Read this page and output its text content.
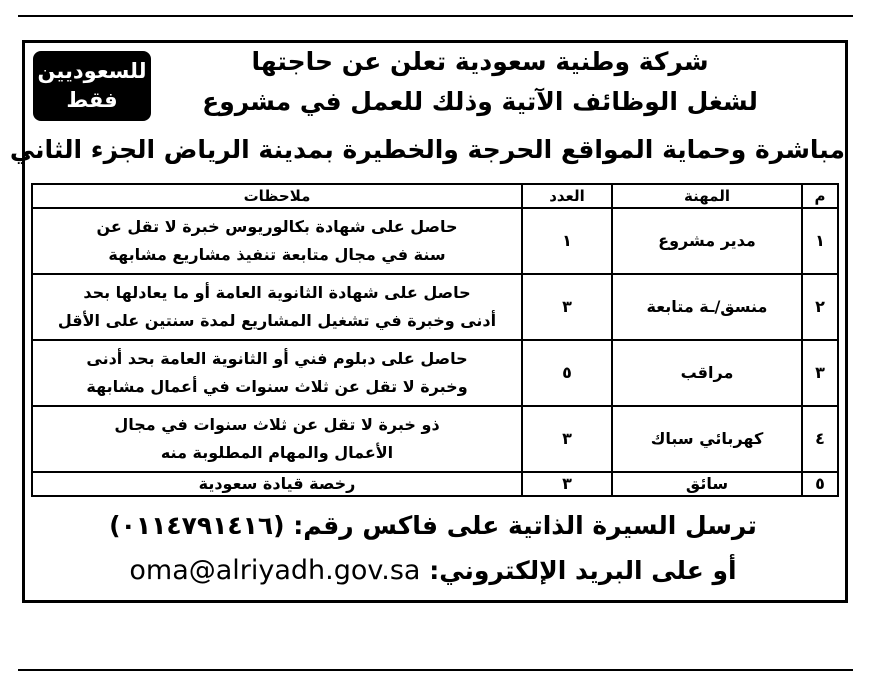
للسعوديين
فقط
شركة وطنية سعودية تعلن عن حاجتها
لشغل الوظائف الآتية وذلك للعمل في مشروع
مباشرة وحماية المواقع الحرجة والخطيرة بمدينة الرياض الجزء الثاني
م	المهنة	العدد	ملاحظات
١	مدير مشروع	١	حاصل على شهادة بكالوريوس خبرة لا تقل عن
سنة في مجال متابعة تنفيذ مشاريع مشابهة

٢	منسق/ـة متابعة	٣	حاصل على شهادة الثانوية العامة أو ما يعادلها بحد
أدنى وخبرة في تشغيل المشاريع لمدة سنتين على الأقل

٣	مراقب	٥	حاصل على دبلوم فني أو الثانوية العامة بحد أدنى
وخبرة لا تقل عن ثلاث سنوات في أعمال مشابهة

٤	كهربائي سباك	٣	ذو خبرة لا تقل عن ثلاث سنوات في مجال
الأعمال والمهام المطلوبة منه

٥	سائق	٣	رخصة قيادة سعودية
ترسل السيرة الذاتية على فاكس رقم: (٠١١٤٧٩١٤١٦)
أو على البريد الإلكتروني: oma@alriyadh.gov.sa
